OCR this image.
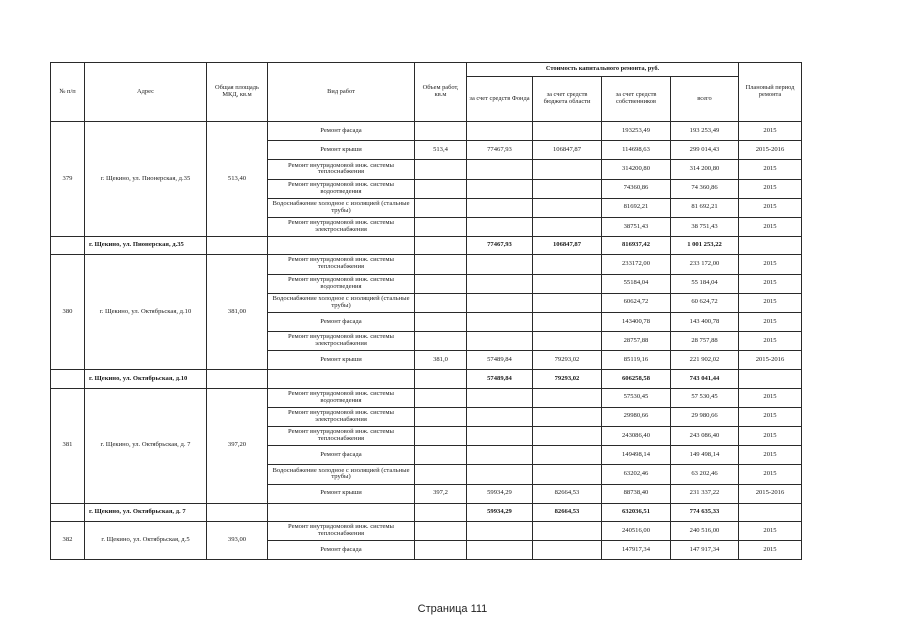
№ п/п	Адрес	Общая площадь МКД, кв.м	Вид работ	Объем работ, кв.м	Стоимость капитального ремонта, руб.				Плановый период ремонта
					за счет средств Фонда	за счет средств бюджета области	за счет средств собственников	всего	
379	г. Щекино, ул. Пионерская, д.35	513,40	Ремонт фасада				193253,49	193 253,49	2015
			Ремонт крыши	513,4	77467,93	106847,87	114698,63	299 014,43	2015-2016
			Ремонт внутридомовой инж. системы теплоснабжения				314200,80	314 200,80	2015
			Ремонт внутридомовой инж. системы водоотведения				74360,86	74 360,86	2015
			Водоснабжение холодное с изоляцией (стальные трубы)				81692,21	81 692,21	2015
			Ремонт внутридомовой инж. системы электроснабжения				38751,43	38 751,43	2015
	г. Щекино, ул. Пионерская, д.35				77467,93	106847,87	816937,42	1 001 253,22	
380	г. Щекино, ул. Октябрьская, д.10	381,00	Ремонт внутридомовой инж. системы теплоснабжения				233172,00	233 172,00	2015
			Ремонт внутридомовой инж. системы водоотведения				55184,04	55 184,04	2015
			Водоснабжение холодное с изоляцией (стальные трубы)				60624,72	60 624,72	2015
			Ремонт фасада				143400,78	143 400,78	2015
			Ремонт внутридомовой инж. системы электроснабжения				28757,88	28 757,88	2015
			Ремонт крыши	381,0	57489,84	79293,02	85119,16	221 902,02	2015-2016
	г. Щекино, ул. Октябрьская, д.10				57489,84	79293,02	606258,58	743 041,44	
381	г. Щекино, ул. Октябрьская, д. 7	397,20	Ремонт внутридомовой инж. системы водоотведения				57530,45	57 530,45	2015
			Ремонт внутридомовой инж. системы электроснабжения				29980,66	29 980,66	2015
			Ремонт внутридомовой инж. системы теплоснабжения				243086,40	243 086,40	2015
			Ремонт фасада				149498,14	149 498,14	2015
			Водоснабжение холодное с изоляцией (стальные трубы)				63202,46	63 202,46	2015
			Ремонт крыши	397,2	59934,29	82664,53	88738,40	231 337,22	2015-2016
	г. Щекино, ул. Октябрьская, д. 7				59934,29	82664,53	632036,51	774 635,33	
382	г. Щекино, ул. Октябрьская, д.5	393,00	Ремонт внутридомовой инж. системы теплоснабжения				240516,00	240 516,00	2015
			Ремонт фасада				147917,34	147 917,34	2015
Страница 111
